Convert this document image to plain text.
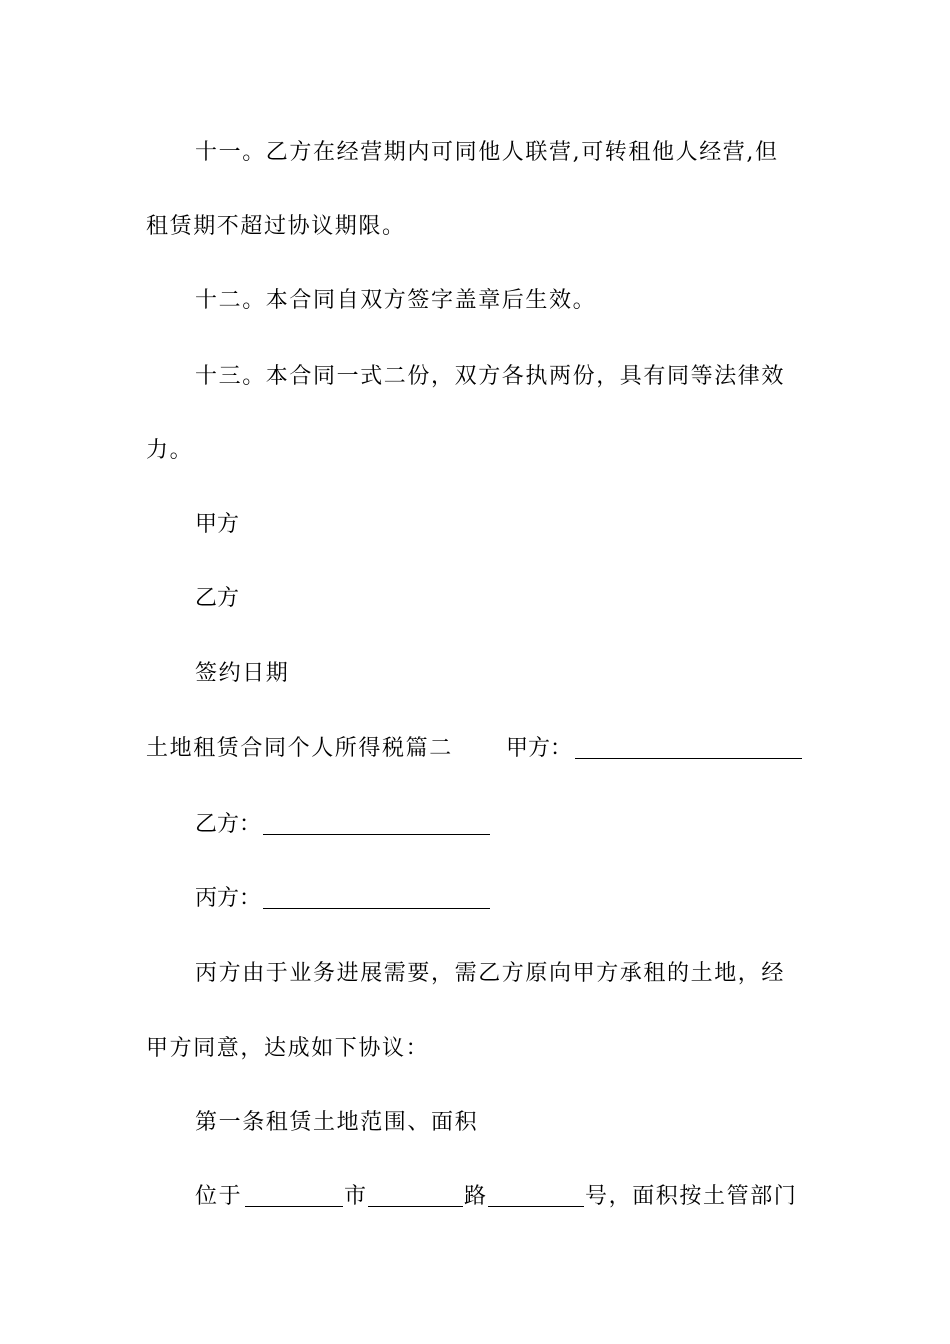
十一。乙方在经营期内可同他人联营,可转租他人经营,但
租赁期不超过协议期限。
十二。本合同自双方签字盖章后生效。
十三。本合同一式二份，双方各执两份，具有同等法律效
力。
甲方
乙方
签约日期
土地租赁合同个人所得税篇二 甲方：
乙方：
丙方：
丙方由于业务进展需要，需乙方原向甲方承租的土地，经
甲方同意，达成如下协议：
第一条租赁土地范围、面积
位于	市	路	号，面积按土管部门
